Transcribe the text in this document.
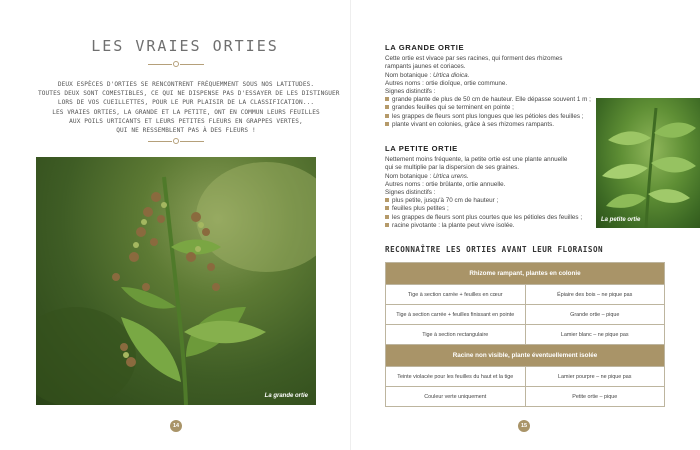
LES VRAIES ORTIES
DEUX ESPÈCES D'ORTIES SE RENCONTRENT FRÉQUEMMENT SOUS NOS LATITUDES.
TOUTES DEUX SONT COMESTIBLES, CE QUI NE DISPENSE PAS D'ESSAYER DE LES DISTINGUER
LORS DE VOS CUEILLETTES, POUR LE PUR PLAISIR DE LA CLASSIFICATION...
LES VRAIES ORTIES, LA GRANDE ET LA PETITE, ONT EN COMMUN LEURS FEUILLES
AUX POILS URTICANTS ET LEURS PETITES FLEURS EN GRAPPES VERTES,
QUI NE RESSEMBLENT PAS À DES FLEURS !
La grande ortie
14
LA GRANDE ORTIE

Cette ortie est vivace par ses racines, qui forment des rhizomes
rampants jaunes et coriaces.
Nom botanique : Urtica dioica.
Autres noms : ortie dioïque, ortie commune.
Signes distinctifs :
grande plante de plus de 50 cm de hauteur. Elle dépasse souvent 1 m ;
grandes feuilles qui se terminent en pointe ;
les grappes de fleurs sont plus longues que les pétioles des feuilles ;
plante vivant en colonies, grâce à ses rhizomes rampants.

La petite ortie
LA PETITE ORTIE

Nettement moins fréquente, la petite ortie est une plante annuelle
qui se multiplie par la dispersion de ses graines.
Nom botanique : Urtica urens.
Autres noms : ortie brûlante, ortie annuelle.
Signes distinctifs :
plus petite, jusqu'à 70 cm de hauteur ;
feuilles plus petites ;
les grappes de fleurs sont plus courtes que les pétioles des feuilles ;
racine pivotante : la plante peut vivre isolée.

RECONNAÎTRE LES ORTIES AVANT LEUR FLORAISON
Rhizome rampant, plantes en colonie	
Tige à section carrée + feuilles en cœur	Épiaire des bois – ne pique pas
Tige à section carrée + feuilles finissant en pointe	Grande ortie – pique
Tige à section rectangulaire	Lamier blanc – ne pique pas
Racine non visible, plante éventuellement isolée	
Teinte violacée pour les feuilles du haut et la tige	Lamier pourpre – ne pique pas
Couleur verte uniquement	Petite ortie – pique
15
